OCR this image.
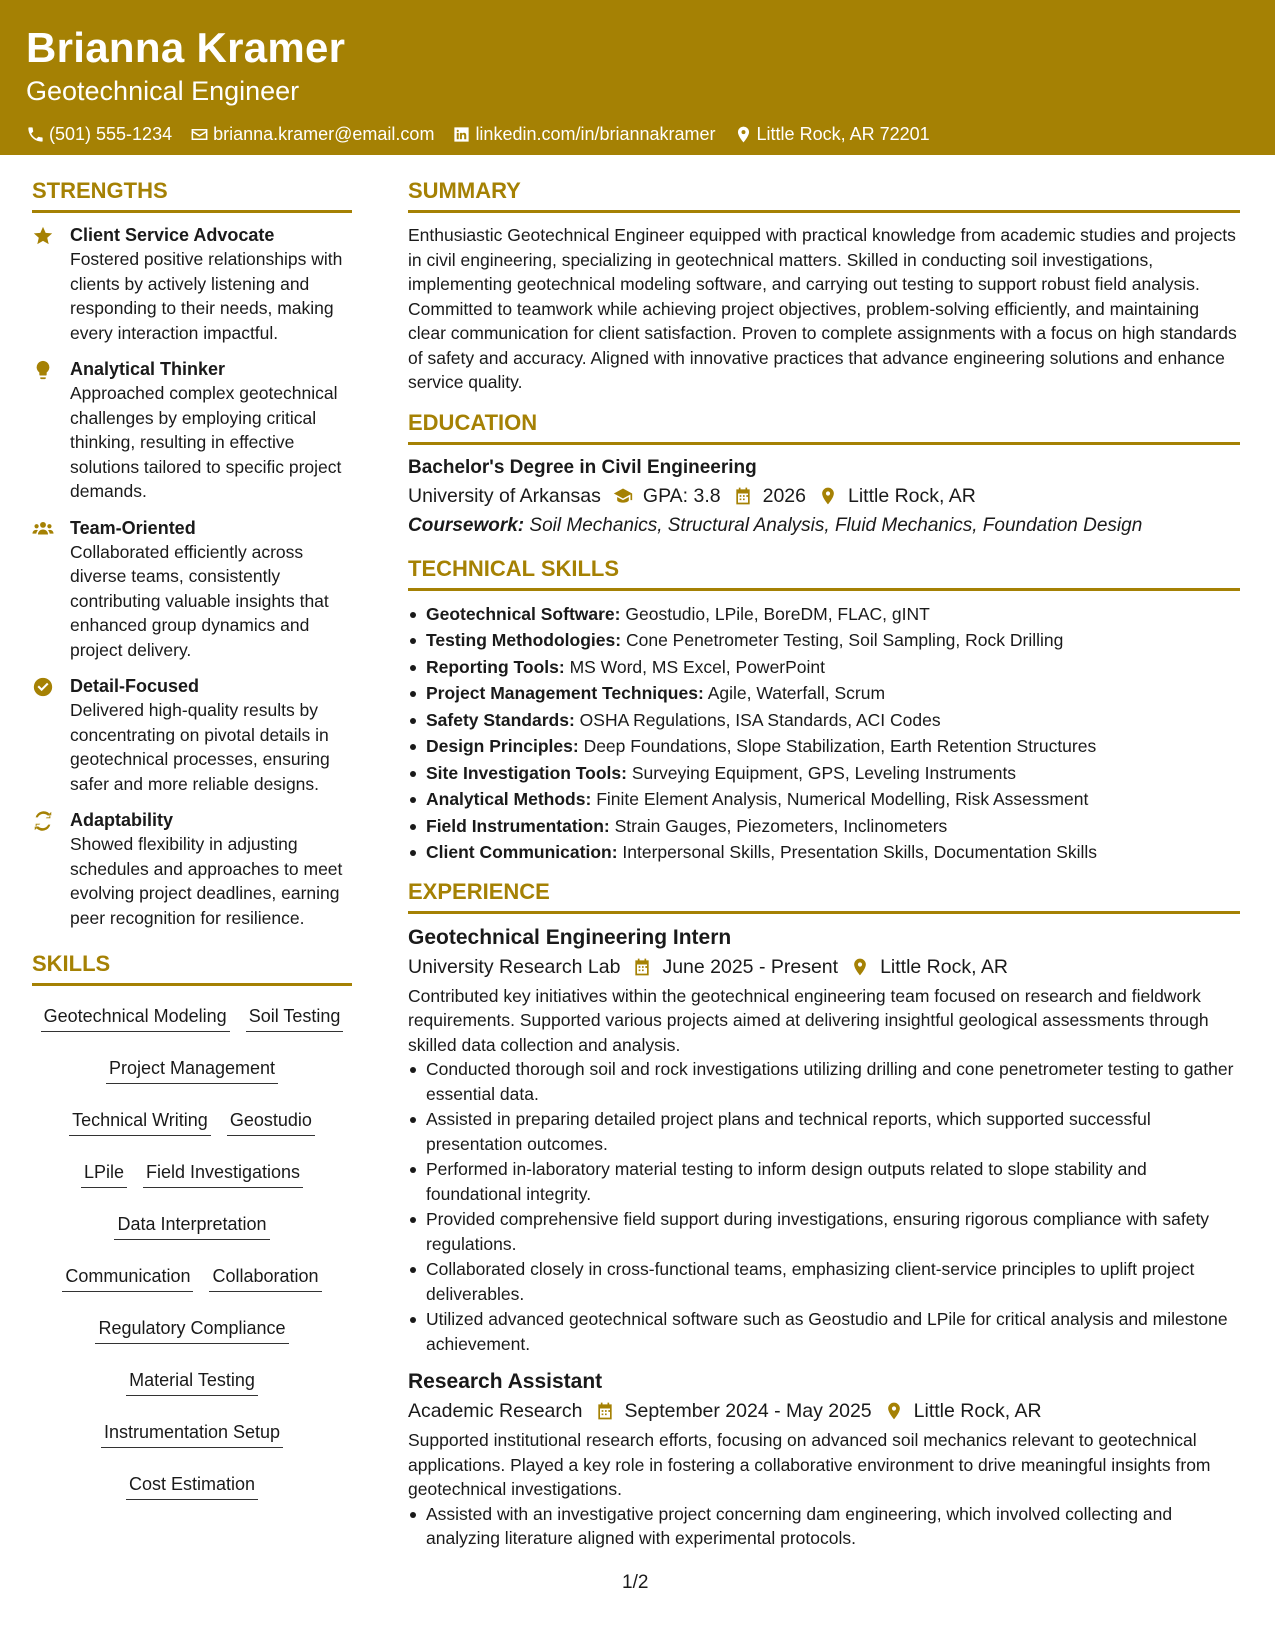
Brianna Kramer
Geotechnical Engineer
(501) 555-1234 brianna.kramer@email.com linkedin.com/in/briannakramer Little Rock, AR 72201
STRENGTHS
Client Service Advocate
Fostered positive relationships with clients by actively listening and responding to their needs, making every interaction impactful.
Analytical Thinker
Approached complex geotechnical challenges by employing critical thinking, resulting in effective solutions tailored to specific project demands.
Team-Oriented
Collaborated efficiently across diverse teams, consistently contributing valuable insights that enhanced group dynamics and project delivery.
Detail-Focused
Delivered high-quality results by concentrating on pivotal details in geotechnical processes, ensuring safer and more reliable designs.
Adaptability
Showed flexibility in adjusting schedules and approaches to meet evolving project deadlines, earning peer recognition for resilience.
SKILLS
Geotechnical Modeling Soil Testing
Project Management
Technical Writing Geostudio
LPile Field Investigations
Data Interpretation
Communication Collaboration
Regulatory Compliance
Material Testing
Instrumentation Setup
Cost Estimation
SUMMARY
Enthusiastic Geotechnical Engineer equipped with practical knowledge from academic studies and projects in civil engineering, specializing in geotechnical matters. Skilled in conducting soil investigations, implementing geotechnical modeling software, and carrying out testing to support robust field analysis. Committed to teamwork while achieving project objectives, problem-solving efficiently, and maintaining clear communication for client satisfaction. Proven to complete assignments with a focus on high standards of safety and accuracy. Aligned with innovative practices that advance engineering solutions and enhance service quality.
EDUCATION
Bachelor's Degree in Civil Engineering
University of Arkansas GPA: 3.8 2026 Little Rock, AR
Coursework: Soil Mechanics, Structural Analysis, Fluid Mechanics, Foundation Design
TECHNICAL SKILLS
Geotechnical Software: Geostudio, LPile, BoreDM, FLAC, gINT
Testing Methodologies: Cone Penetrometer Testing, Soil Sampling, Rock Drilling
Reporting Tools: MS Word, MS Excel, PowerPoint
Project Management Techniques: Agile, Waterfall, Scrum
Safety Standards: OSHA Regulations, ISA Standards, ACI Codes
Design Principles: Deep Foundations, Slope Stabilization, Earth Retention Structures
Site Investigation Tools: Surveying Equipment, GPS, Leveling Instruments
Analytical Methods: Finite Element Analysis, Numerical Modelling, Risk Assessment
Field Instrumentation: Strain Gauges, Piezometers, Inclinometers
Client Communication: Interpersonal Skills, Presentation Skills, Documentation Skills
EXPERIENCE
Geotechnical Engineering Intern
University Research Lab June 2025 - Present Little Rock, AR
Contributed key initiatives within the geotechnical engineering team focused on research and fieldwork requirements. Supported various projects aimed at delivering insightful geological assessments through skilled data collection and analysis.
Conducted thorough soil and rock investigations utilizing drilling and cone penetrometer testing to gather essential data.
Assisted in preparing detailed project plans and technical reports, which supported successful presentation outcomes.
Performed in-laboratory material testing to inform design outputs related to slope stability and foundational integrity.
Provided comprehensive field support during investigations, ensuring rigorous compliance with safety regulations.
Collaborated closely in cross-functional teams, emphasizing client-service principles to uplift project deliverables.
Utilized advanced geotechnical software such as Geostudio and LPile for critical analysis and milestone achievement.
Research Assistant
Academic Research September 2024 - May 2025 Little Rock, AR
Supported institutional research efforts, focusing on advanced soil mechanics relevant to geotechnical applications. Played a key role in fostering a collaborative environment to drive meaningful insights from geotechnical investigations.
Assisted with an investigative project concerning dam engineering, which involved collecting and analyzing literature aligned with experimental protocols.
1/2
